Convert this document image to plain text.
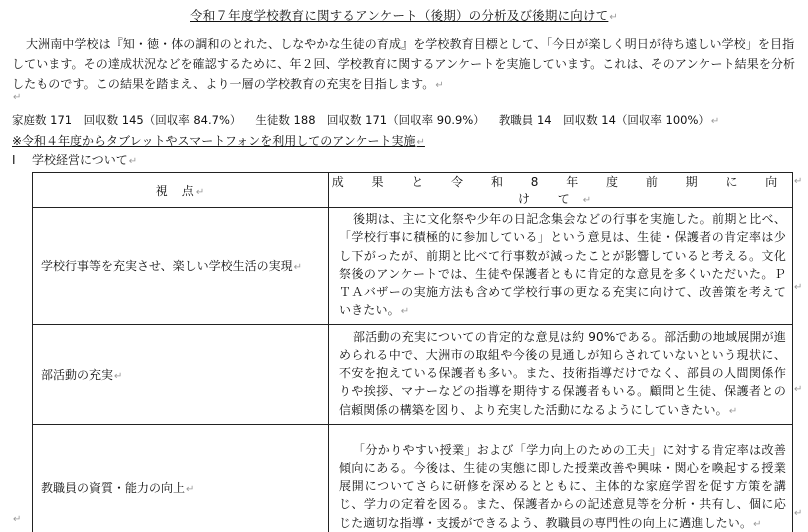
令和７年度学校教育に関するアンケート（後期）の分析及び後期に向けて↵

大洲南中学校は『知・徳・体の調和のとれた、しなやかな生徒の育成』を学校教育目標として、「今日が楽しく明日が待ち遠しい学校」を目指しています。その達成状況などを確認するために、年２回、学校教育に関するアンケートを実施しています。これは、そのアンケート結果を分析したものです。この結果を踏まえ、より一層の学校教育の充実を目指します。↵

↵
家庭数 171　回収数 145（回収率 84.7%） 生徒数 188　回収数 171（回収率 90.9%） 教職員 14　回収数 14（回収率 100%）↵
※令和４年度からタブレットやスマートフォンを利用してのアンケート実施↵
Ⅰ 学校経営について↵
視　点↵	成 果 と 令 和 8 年 度 前 期 に 向 け て↵
学校行事等を充実させ、楽しい学校生活の実現↵	後期は、主に文化祭や少年の日記念集会などの行事を実施した。前期と比べ、「学校行事に積極的に参加している」という意見は、生徒・保護者の肯定率は少し下がったが、前期と比べて行事数が減ったことが影響していると考える。文化祭後のアンケートでは、生徒や保護者ともに肯定的な意見を多くいただいた。ＰＴＡバザーの実施方法も含めて学校行事の更なる充実に向けて、改善策を考えていきたい。↵
部活動の充実↵	部活動の充実についての肯定的な意見は約 90%である。部活動の地域展開が進められる中で、大洲市の取組や今後の見通しが知らされていないという現状に、不安を抱えている保護者も多い。また、技術指導だけでなく、部員の人間関係作りや挨拶、マナーなどの指導を期待する保護者もいる。顧問と生徒、保護者との信頼関係の構築を図り、より充実した活動になるようにしていきたい。↵
教職員の資質・能力の向上↵	「分かりやすい授業」および「学力向上のための工夫」に対する肯定率は改善傾向にある。今後は、生徒の実態に即した授業改善や興味・関心を喚起する授業展開についてさらに研修を深めるとともに、主体的な家庭学習を促す方策を講じ、学力の定着を図る。また、保護者からの記述意見等を分析・共有し、個に応じた適切な指導・支援ができるよう、教職員の専門性の向上に邁進したい。↵
↵
↵
↵
↵
↵
